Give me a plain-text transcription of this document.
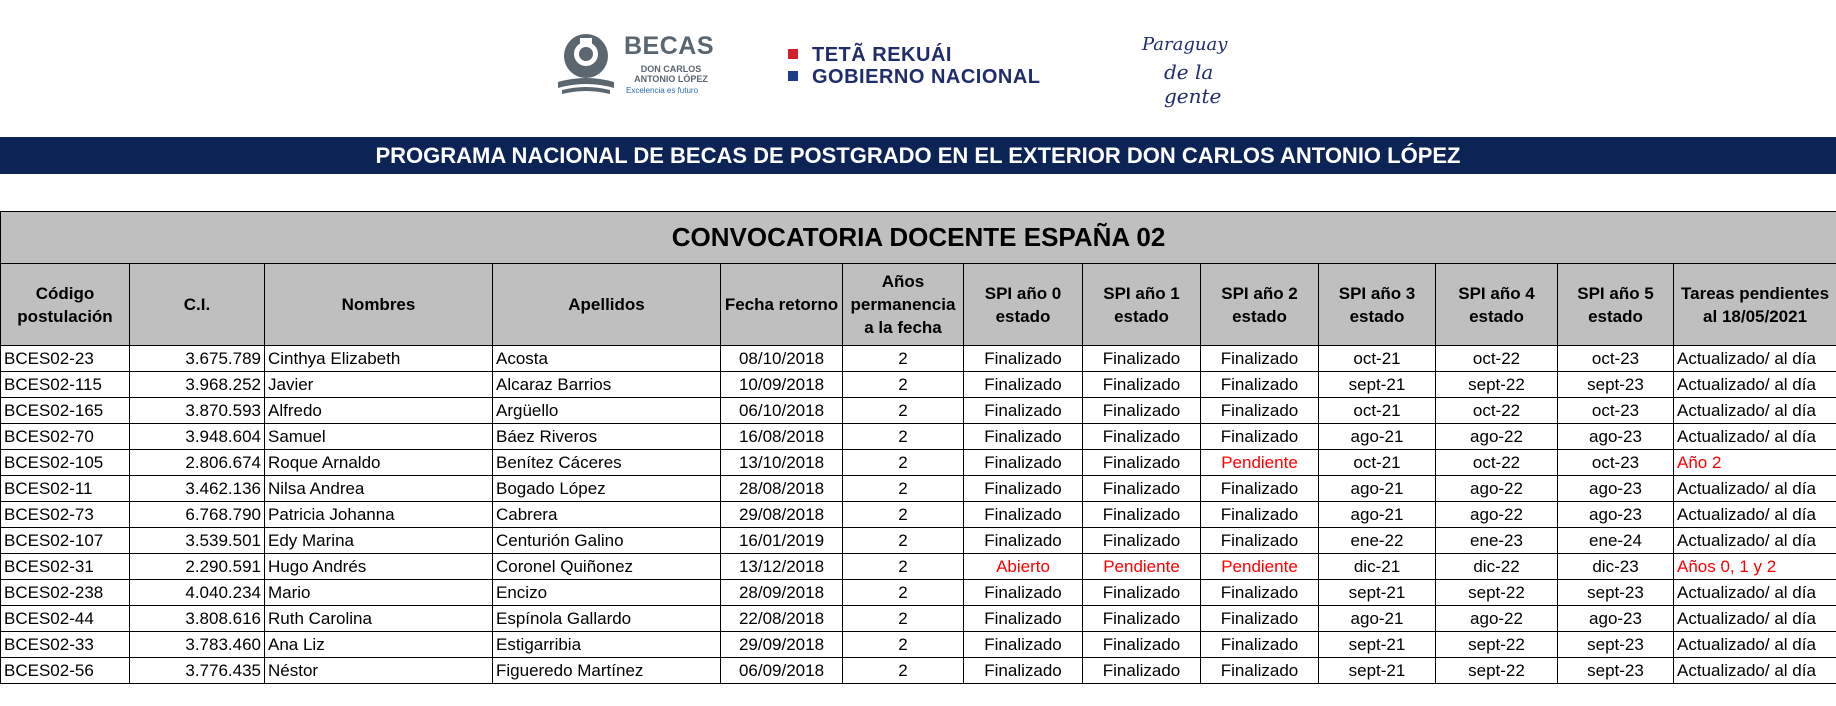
BECAS
DON CARLOS ANTONIO LÓPEZ
Excelencia es futuro
TETÃ REKUÁI
GOBIERNO NACIONAL
Paraguay
de la gente
PROGRAMA NACIONAL DE BECAS DE POSTGRADO EN EL EXTERIOR DON CARLOS ANTONIO LÓPEZ
CONVOCATORIA DOCENTE ESPAÑA 02												
Código postulación	C.I.	Nombres	Apellidos	Fecha retorno	Años permanencia a la fecha	SPI año 0 estado	SPI año 1 estado	SPI año 2 estado	SPI año 3 estado	SPI año 4 estado	SPI año 5 estado	Tareas pendientes al 18/05/2021
BCES02-23	3.675.789	Cinthya Elizabeth	Acosta	08/10/2018	2	Finalizado	Finalizado	Finalizado	oct-21	oct-22	oct-23	Actualizado/ al día
BCES02-115	3.968.252	Javier	Alcaraz Barrios	10/09/2018	2	Finalizado	Finalizado	Finalizado	sept-21	sept-22	sept-23	Actualizado/ al día
BCES02-165	3.870.593	Alfredo	Argüello	06/10/2018	2	Finalizado	Finalizado	Finalizado	oct-21	oct-22	oct-23	Actualizado/ al día
BCES02-70	3.948.604	Samuel	Báez Riveros	16/08/2018	2	Finalizado	Finalizado	Finalizado	ago-21	ago-22	ago-23	Actualizado/ al día
BCES02-105	2.806.674	Roque Arnaldo	Benítez Cáceres	13/10/2018	2	Finalizado	Finalizado	Pendiente	oct-21	oct-22	oct-23	Año 2
BCES02-11	3.462.136	Nilsa Andrea	Bogado López	28/08/2018	2	Finalizado	Finalizado	Finalizado	ago-21	ago-22	ago-23	Actualizado/ al día
BCES02-73	6.768.790	Patricia Johanna	Cabrera	29/08/2018	2	Finalizado	Finalizado	Finalizado	ago-21	ago-22	ago-23	Actualizado/ al día
BCES02-107	3.539.501	Edy Marina	Centurión Galino	16/01/2019	2	Finalizado	Finalizado	Finalizado	ene-22	ene-23	ene-24	Actualizado/ al día
BCES02-31	2.290.591	Hugo Andrés	Coronel Quiñonez	13/12/2018	2	Abierto	Pendiente	Pendiente	dic-21	dic-22	dic-23	Años 0, 1 y 2
BCES02-238	4.040.234	Mario	Encizo	28/09/2018	2	Finalizado	Finalizado	Finalizado	sept-21	sept-22	sept-23	Actualizado/ al día
BCES02-44	3.808.616	Ruth Carolina	Espínola Gallardo	22/08/2018	2	Finalizado	Finalizado	Finalizado	ago-21	ago-22	ago-23	Actualizado/ al día
BCES02-33	3.783.460	Ana Liz	Estigarribia	29/09/2018	2	Finalizado	Finalizado	Finalizado	sept-21	sept-22	sept-23	Actualizado/ al día
BCES02-56	3.776.435	Néstor	Figueredo Martínez	06/09/2018	2	Finalizado	Finalizado	Finalizado	sept-21	sept-22	sept-23	Actualizado/ al día
